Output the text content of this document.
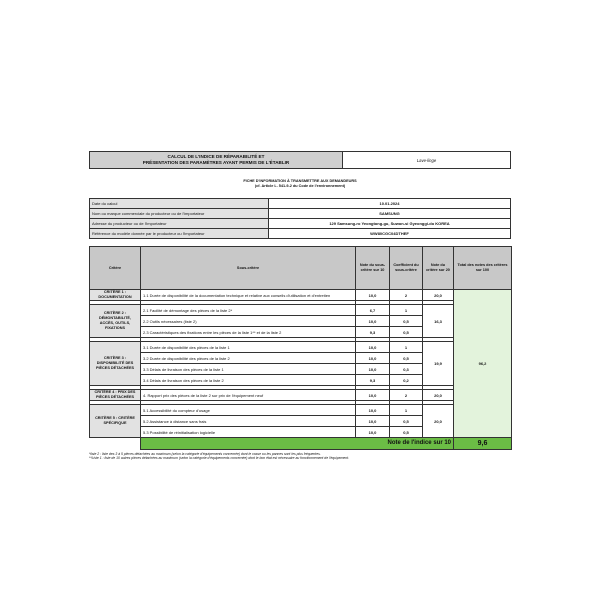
CALCUL DE L'INDICE DE RÉPARABILITÉ ET
PRÉSENTATION DES PARAMÈTRES AYANT PERMIS DE L'ÉTABLIR	Lave-linge
FICHE D'INFORMATION À TRANSMETTRE AUX DEMANDEURS
(cf. Article L. 541-9-2 du Code de l'environnement)
Date du calcul	10.01.2024
Nom ou marque commerciale du producteur ou de l'importateur	SAMSUNG
Adresse du producteur ou de l'importateur	129 Samsung-ro Yeongtong-gu, Suwon-si Gyeonggi-do KOREA
Référence du modèle donnée par le producteur ou l'importateur	WW80CGC04DTHEF
Critère	Sous-critère	Note du sous-critère sur 10	Coefficient du sous-critère	Note du critère sur 20	Total des notes des critères sur 100
CRITÈRE 1 : DOCUMENTATION	1.1 Durée de disponibilité de la documentation technique et relative aux conseils d'utilisation et d'entretien	10,0	2	20,0	96,2

CRITÈRE 2 : DÉMONTABILITÉ, ACCÈS, OUTILS, FIXATIONS	2.1 Facilité de démontage des pièces de la liste 2*	6,7	1	16,3	
	2.2 Outils nécessaires (liste 2)	10,0	0,5		
	2.3 Caractéristiques des fixations entre les pièces de la liste 1** et de la liste 2	9,3	0,5		

CRITÈRE 3 : DISPONIBILITÉ DES PIÈCES DÉTACHÉES	3.1 Durée de disponibilité des pièces de la liste 1	10,0	1	19,9	
	3.2 Durée de disponibilité des pièces de la liste 2	10,0	0,5		
	3.3 Délais de livraison des pièces de la liste 1	10,0	0,3		
	3.4 Délais de livraison des pièces de la liste 2	9,3	0,2		

CRITÈRE 4 : PRIX DES PIÈCES DÉTACHÉES	4. Rapport prix des pièces de la liste 2 sur prix de l'équipement neuf	10,0	2	20,0	

CRITÈRE 5 : CRITÈRE SPÉCIFIQUE	5.1 Accessibilité du compteur d'usage	10,0	1	20,0	
	5.2 Assistance à distance sans frais	10,0	0,5		
	5.3 Possibilité de réinitialisation logicielle	10,0	0,5		
	Note de l'indice sur 10				9,6
*liste 2 : liste des 3 à 5 pièces détachées au maximum (selon la catégorie d'équipements concernée) dont le casse ou les pannes sont les plus fréquentes.
**Liste 1 : liste de 10 autres pièces détachées au maximum (selon la catégorie d'équipements concernée) dont le bon état est nécessaire au fonctionnement de l'équipement.
